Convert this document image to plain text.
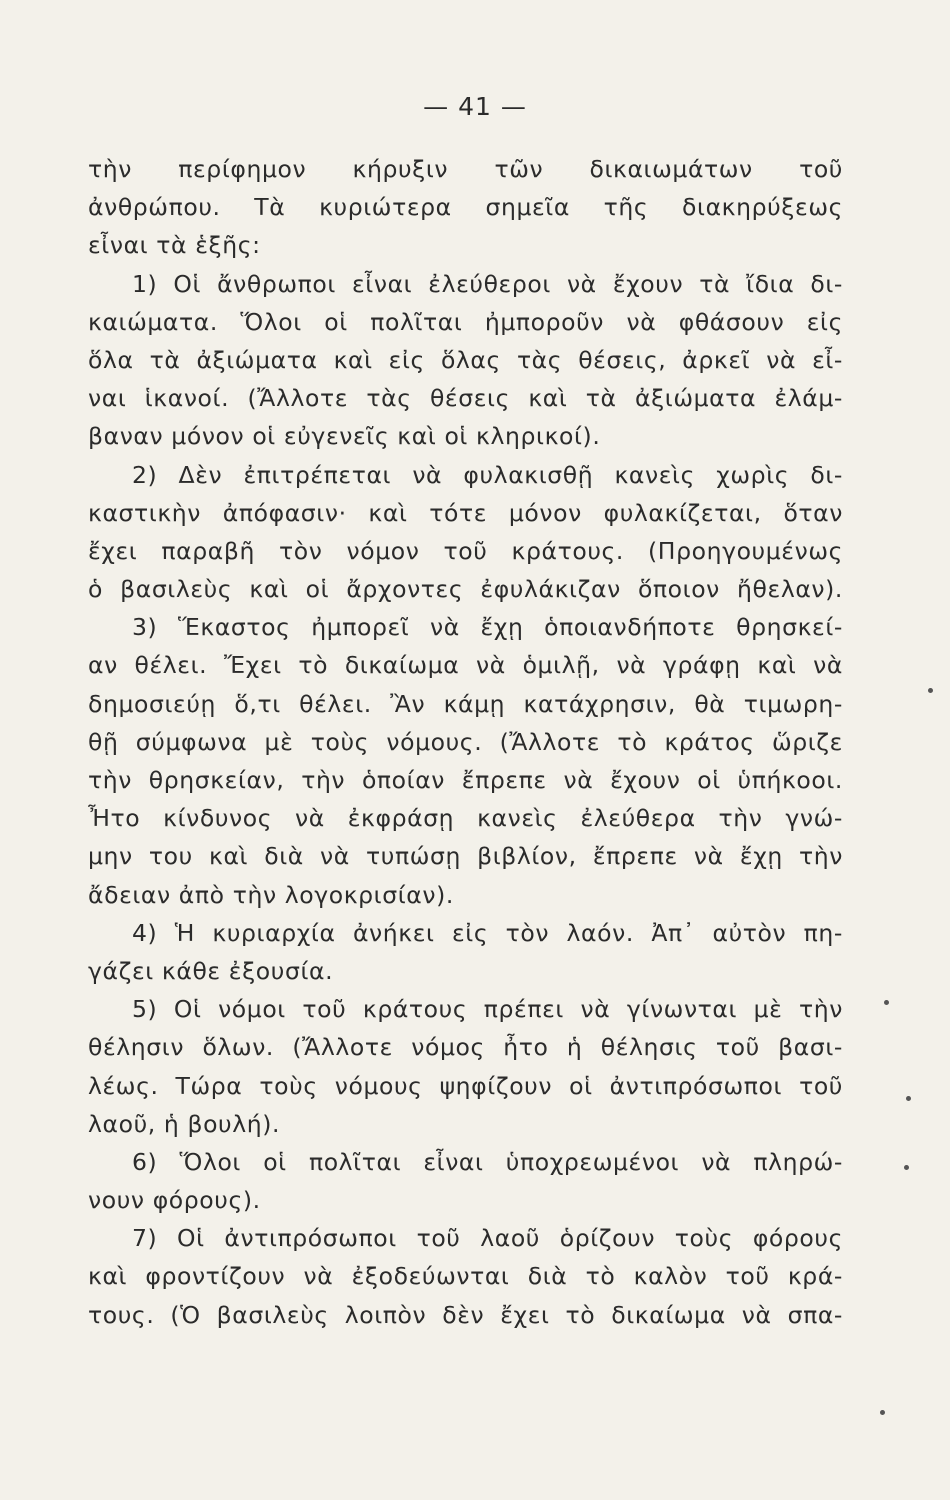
— 41 —
τὴν περίφημον κήρυξιν τῶν δικαιωμάτων τοῦ
ἀνθρώπου. Τὰ κυριώτερα σημεῖα τῆς διακηρύξεως
εἶναι τὰ ἑξῆς:
1) Οἱ ἄνθρωποι εἶναι ἐλεύθεροι νὰ ἔχουν τὰ ἴδια δι-
καιώματα. Ὅλοι οἱ πολῖται ἠμποροῦν νὰ φθάσουν εἰς
ὅλα τὰ ἀξιώματα καὶ εἰς ὅλας τὰς θέσεις, ἀρκεῖ νὰ εἶ-
ναι ἱκανοί. (Ἄλλοτε τὰς θέσεις καὶ τὰ ἀξιώματα ἐλάμ-
βαναν μόνον οἱ εὐγενεῖς καὶ οἱ κληρικοί).
2) Δὲν ἐπιτρέπεται νὰ φυλακισθῇ κανεὶς χωρὶς δι-
καστικὴν ἀπόφασιν· καὶ τότε μόνον φυλακίζεται, ὅταν
ἔχει παραβῆ τὸν νόμον τοῦ κράτους. (Προηγουμένως
ὁ βασιλεὺς καὶ οἱ ἄρχοντες ἐφυλάκιζαν ὅποιον ἤθελαν).
3) Ἕκαστος ἠμπορεῖ νὰ ἔχῃ ὁποιανδήποτε θρησκεί-
αν θέλει. Ἔχει τὸ δικαίωμα νὰ ὁμιλῇ, νὰ γράφῃ καὶ νὰ
δημοσιεύῃ ὅ,τι θέλει. Ἂν κάμῃ κατάχρησιν, θὰ τιμωρη-
θῇ σύμφωνα μὲ τοὺς νόμους. (Ἄλλοτε τὸ κράτος ὥριζε
τὴν θρησκείαν, τὴν ὁποίαν ἔπρεπε νὰ ἔχουν οἱ ὑπήκοοι.
Ἦτο κίνδυνος νὰ ἐκφράσῃ κανεὶς ἐλεύθερα τὴν γνώ-
μην του καὶ διὰ νὰ τυπώσῃ βιβλίον, ἔπρεπε νὰ ἔχῃ τὴν
ἄδειαν ἀπὸ τὴν λογοκρισίαν).
4) Ἡ κυριαρχία ἀνήκει εἰς τὸν λαόν. Ἀπ᾿ αὐτὸν πη-
γάζει κάθε ἐξουσία.
5) Οἱ νόμοι τοῦ κράτους πρέπει νὰ γίνωνται μὲ τὴν
θέλησιν ὅλων. (Ἄλλοτε νόμος ἦτο ἡ θέλησις τοῦ βασι-
λέως. Τώρα τοὺς νόμους ψηφίζουν οἱ ἀντιπρόσωποι τοῦ
λαοῦ, ἡ βουλή).
6) Ὅλοι οἱ πολῖται εἶναι ὑποχρεωμένοι νὰ πληρώ-
νουν φόρους).
7) Οἱ ἀντιπρόσωποι τοῦ λαοῦ ὁρίζουν τοὺς φόρους
καὶ φροντίζουν νὰ ἐξοδεύωνται διὰ τὸ καλὸν τοῦ κρά-
τους. (Ὁ βασιλεὺς λοιπὸν δὲν ἔχει τὸ δικαίωμα νὰ σπα-
